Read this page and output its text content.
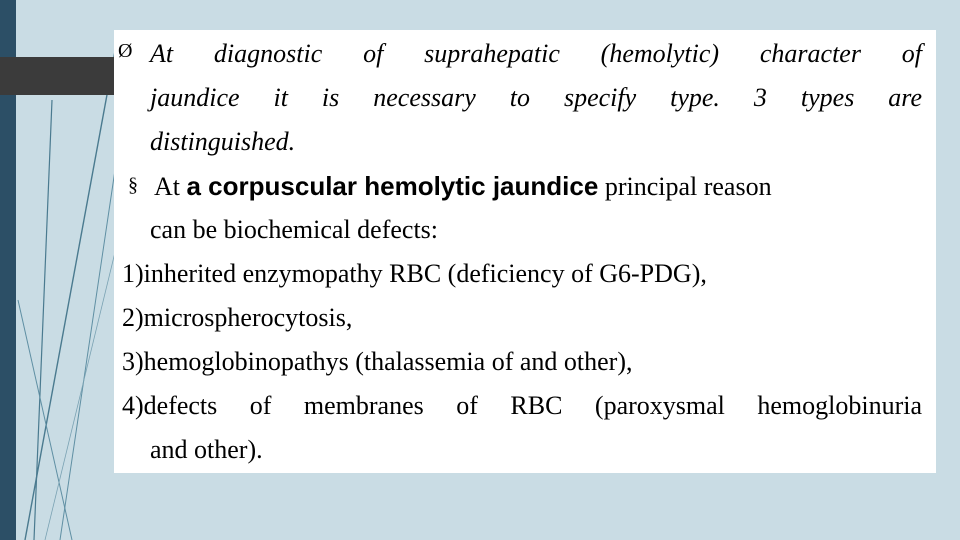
Ø At diagnostic of suprahepatic (hemolytic) character of
jaundice it is necessary to specify type. 3 types are
distinguished.
§ At a corpuscular hemolytic jaundice principal reason
can be biochemical defects:
1)inherited enzymopathy RBC (deficiency of G6-PDG),
2)microspherocytosis,
3)hemoglobinopathys (thalassemia of and other),
4)defects of membranes of RBC (paroxysmal hemoglobinuria
and other).
